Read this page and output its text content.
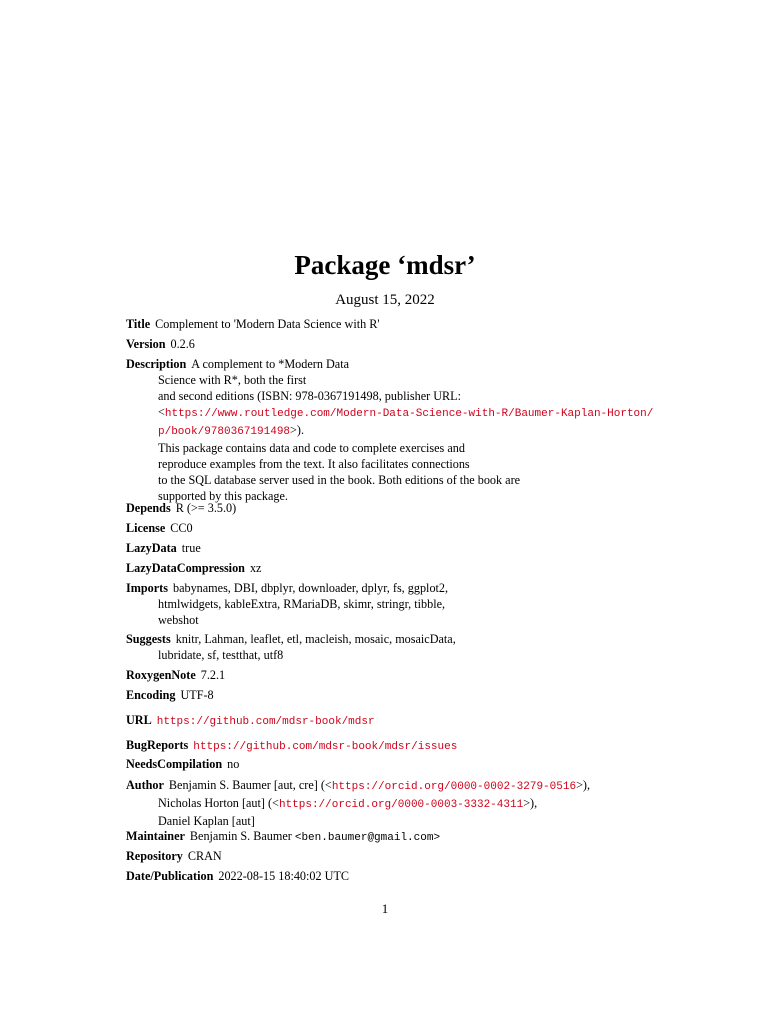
Package ‘mdsr’
August 15, 2022
Title Complement to 'Modern Data Science with R'
Version 0.2.6
Description A complement to *Modern Data
Science with R*, both the first
and second editions (ISBN: 978-0367191498, publisher URL:
<https://www.routledge.com/Modern-Data-Science-with-R/Baumer-Kaplan-Horton/
p/book/9780367191498>).
This package contains data and code to complete exercises and
reproduce examples from the text. It also facilitates connections
to the SQL database server used in the book. Both editions of the book are
supported by this package.
Depends R (>= 3.5.0)
License CC0
LazyData true
LazyDataCompression xz
Imports babynames, DBI, dbplyr, downloader, dplyr, fs, ggplot2,
htmlwidgets, kableExtra, RMariaDB, skimr, stringr, tibble,
webshot
Suggests knitr, Lahman, leaflet, etl, macleish, mosaic, mosaicData,
lubridate, sf, testthat, utf8
RoxygenNote 7.2.1
Encoding UTF-8
URL https://github.com/mdsr-book/mdsr
BugReports https://github.com/mdsr-book/mdsr/issues
NeedsCompilation no
Author Benjamin S. Baumer [aut, cre] (<https://orcid.org/0000-0002-3279-0516>),
Nicholas Horton [aut] (<https://orcid.org/0000-0003-3332-4311>),
Daniel Kaplan [aut]
Maintainer Benjamin S. Baumer <ben.baumer@gmail.com>
Repository CRAN
Date/Publication 2022-08-15 18:40:02 UTC
1
